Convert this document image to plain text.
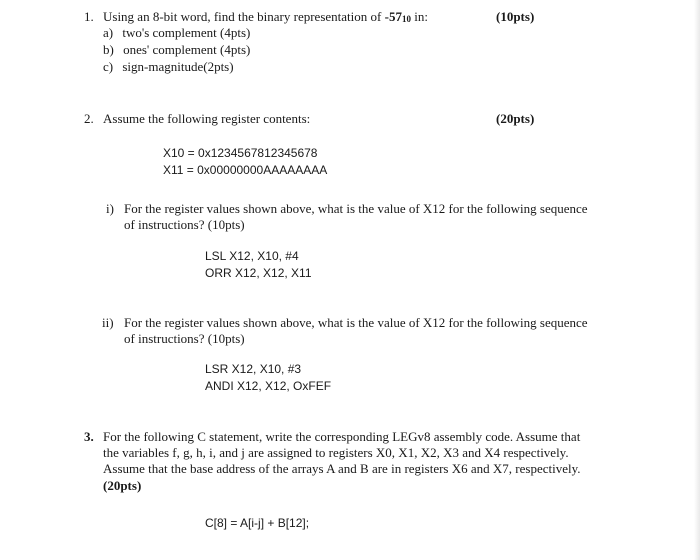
1. Using an 8-bit word, find the binary representation of $-57_{10}$ in:	(10pts)
a) two's complement (4pts)
b) ones' complement (4pts)
c) sign-magnitude(2pts)
2. Assume the following register contents:	(20pts)
X10 = 0x1234567812345678
X11 = 0x00000000AAAAAAAA
i) For the register values shown above, what is the value of X12 for the following sequence
of instructions? (10pts)
LSL X12, X10, #4
ORR X12, X12, X11
ii) For the register values shown above, what is the value of X12 for the following sequence
of instructions? (10pts)
LSR X12, X10, #3
ANDI X12, X12, OxFEF
3. For the following C statement, write the corresponding LEGv8 assembly code. Assume that
the variables f, g, h, i, and j are assigned to registers X0, X1, X2, X3 and X4 respectively.
Assume that the base address of the arrays A and B are in registers X6 and X7, respectively.
(20pts)
C[8] = A[i-j] + B[12];
